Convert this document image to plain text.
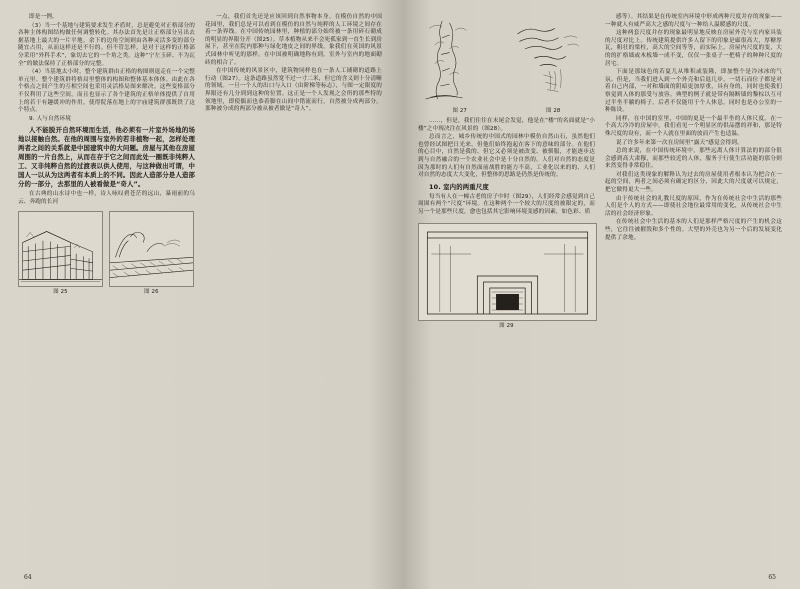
即是一例。

（3）当一个基地与建筑要求发生矛盾时，总是避免对正格部分的各种主体构图结构做任何调整转化。其办法首先是让正格部分另出去据基地上最大的一片平地。余下的边角空间则由各种灵活多变的部分随宜占用，从而这样还是不行的。但不管怎样，是对于这样的正格部分采用“外科手术”，象切去它的一个角之类。这种“宁左玉碎、不为瓦全”的做法保持了正格部分的完整。

（4）当基地太小时，整个建筑群由正格的构图则退走在一个完整单元里。整个建筑群将格局里整体的构图和整体基本体体。由此在各个格点之间产生的互相空间也采用灵活格局图来解决。这些变格部分不仅利用了这些空间，而且也显示了各个建筑的正格单体提供了自用上的若干有趣缓冲的作用，使得院落在地上的宇庙建筑群那既铁了这个特点。

9. 人与自然环境

人不能脱开自然环境而生活，他必须有一片室外场地的场地以接触自然。在他的周围与室外的若非植物一起，怎样处理两者之间的关系就是中国建筑中的大问题。房屋与其他在房屋周围的一片自然上，从而在存于它之间而此处一圈既非纯粹人工、又非纯粹自然的过渡表以供人使用，与这种做出可谓，中国人一以从为这两者有本质上的不同。因此人造部分是人造部分的一部分，去那里的人被看做是“奇人”。

在古典的山水诗中也一样，诗人咏叹碧苍茫的远山，暴雨前的乌云、奔跑的长河

图 25	图 26

一点，我们首先还是应该回到自然事物本身。在模仿自然的中国花园里，我们总是可以看到在模仿的自然与纯粹的人工环境之间存在着一条界线。在中国传统园林里，种植的部分始终被一条用碎石砌成的明显的界限分开（图25）。草本植物从来不会死孤家到一直生长到房屋下，甚至在院内那种与绿化地皮之间的界线，象我们在英国的风景式园林中听见的那样，在中国被明确地称有到。室外与室内的地面砌砖的相合了。

在中国传统的风景区中，建筑物同样也在一条人工铺砌的道路上行动（图27）。这条道路虽然宽不过一寸二米，但它的含义则十分清晰的领域。一旦一个人的出口与入口（由阶梯等标志），与图一定限度的界限还有几分到到这种的位置。这正是一个人发现之会所的那些特的领地里，即使偶而也恭着脚在山间中错流而行，自然被分成两部分。那种被分成的两部分被从被者做是“奇人”。

64
图 27	图 28

……，但是，我们住往在末尾会发觉，他是在“楼”的名面就是“小楼”之中现决注在风景的（图28）。

总而言之，城乡传统的中国式的园林中模仿自然山石，虽然他们也曾经试图把日光来，但他们始终抱起在客下的意味的部分。在他们的心目中，自然是我的、但它又必须是被改变、被驯服，才能逐步达到与自然融合的一个农业社会中是十分自然的。人们对自然的态度是因为那时的人们有自然面前战胜的能力不高，工业化以来的的，人们对自然的态度大大变化，但整体的思路是仍然是传统的。

10. 室内的两重尺度

每当有人在一幢古老的房子中时（图29），人们经常会感觉到自己周围有两个“尺度”环境。在这种两个一个较大的尺度的被限定的，而另一个是那些尺度，愈也包括其它影响环境变感的因素，如色彩、质

图 29

感等）。其结果是在传统室内环境中形成两种尺度并存的现象——一种就人有威严高大之感的尺度与一种给人温暖感的尺度。

这种两套尺度并存的现象最明显地反映在房屋外壳与室内家具装的尺度对比上。传统建筑提供许多人留下的印象是廊很高大，厚糖厚瓦，粗壮的梁柱，高大的空间等等，而实际上，房屋内尺度的变，大的的扩格墙或木板墙一成不变，仅仅一张桌子一把椅子的种种尺度的居宅。

下面是那绿色的若夏儿从堆积或装隆，即加整个是冷冰冰的气氛。但是，当我们进入到一个外壳和后退几步，一切石而位子都是对着自己内部，一对和墙面的阴暗更加厚重，具有身的，同时也使我们察觉到人体的那受与放容。典型的例子就是带有隔断墙的黎棕以互可过半坐半躺的椅子。后者不仅能用于个人休息，同时也是办公室的一种陈设。

同样，在中国的室里，中国的更是一个最半坐的人体尺度。在一个高大冷冷的房屋中，我们看见一个明显区的供品摆的祥和，那是特殊尺度的设有，而一个人就在里面的放而产生也适温。

说了许多年来第一次在房间里“露天”感觉会得到。

总的来说，在中国传统环境中，那些远离人体计算法的的部分很会感到高大肃穆，而那些较近的人体，服务于行使生活功能的那分则来然变得非常稳住。

对我们这类现象的解释认为过去的房屋使用者根本认为把合在一起的空间，两者之间必须有确定的区分，因此大的尺度就可以规定，把它做得更大一些。

由于传统社会的礼教尺度的原因，作为在传统社会中生活的那些人们是个人的方式——即使社会地位最常用的变化，从传统社会中生活的社会经济形象。

在传统社会中生活的基本的人们是那样严格尺度的产生的机会这些，它往往被摧毁和多个性的。大型的外壳也为另一个后的发展变化提供了余地。

65
